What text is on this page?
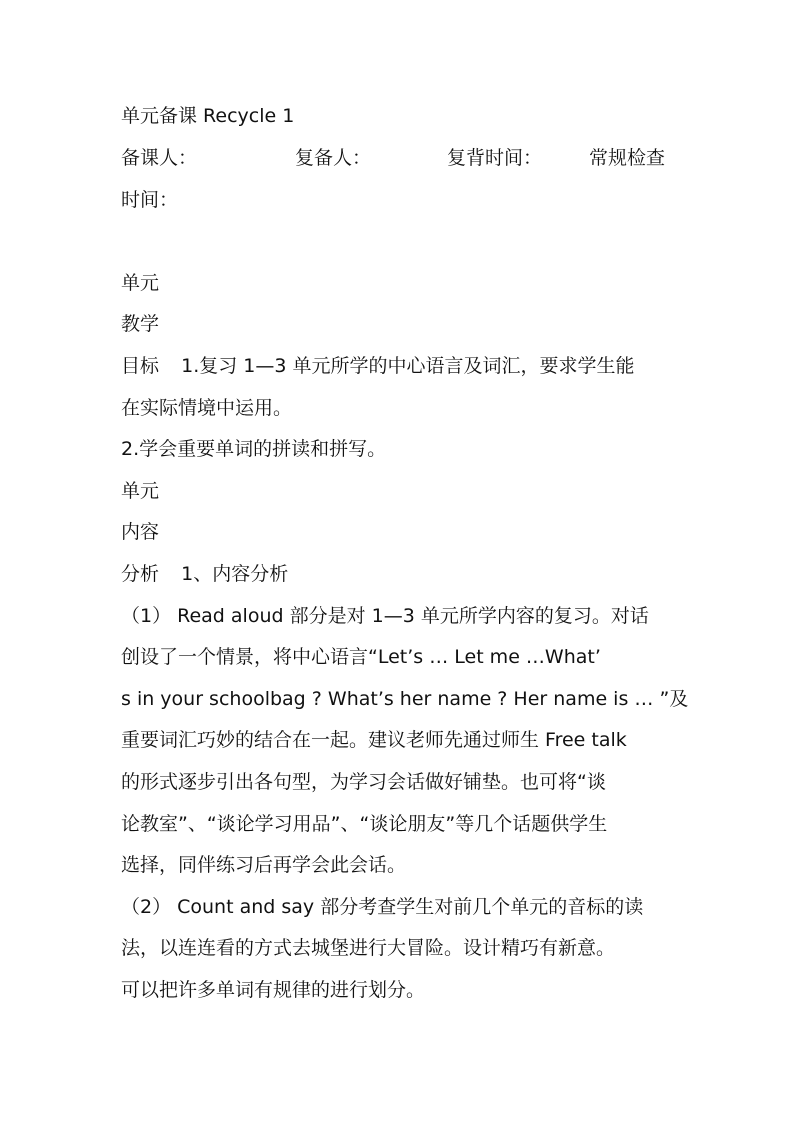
单元备课 Recycle 1
备课人：	复备人：	复背时间： 常规检查
时间：
单元
教学
目标 1.复习 1—3 单元所学的中心语言及词汇，要求学生能
在实际情境中运用。
2.学会重要单词的拼读和拼写。
单元
内容
分析 1、内容分析
（1） Read aloud 部分是对 1—3 单元所学内容的复习。对话
创设了一个情景，将中心语言“Let’s … Let me …What’
s in your schoolbag ? What’s her name ? Her name is … ”及
重要词汇巧妙的结合在一起。建议老师先通过师生 Free talk
的形式逐步引出各句型，为学习会话做好铺垫。也可将“谈
论教室”、“谈论学习用品”、“谈论朋友”等几个话题供学生
选择，同伴练习后再学会此会话。
（2） Count and say 部分考查学生对前几个单元的音标的读
法，以连连看的方式去城堡进行大冒险。设计精巧有新意。
可以把许多单词有规律的进行划分。
